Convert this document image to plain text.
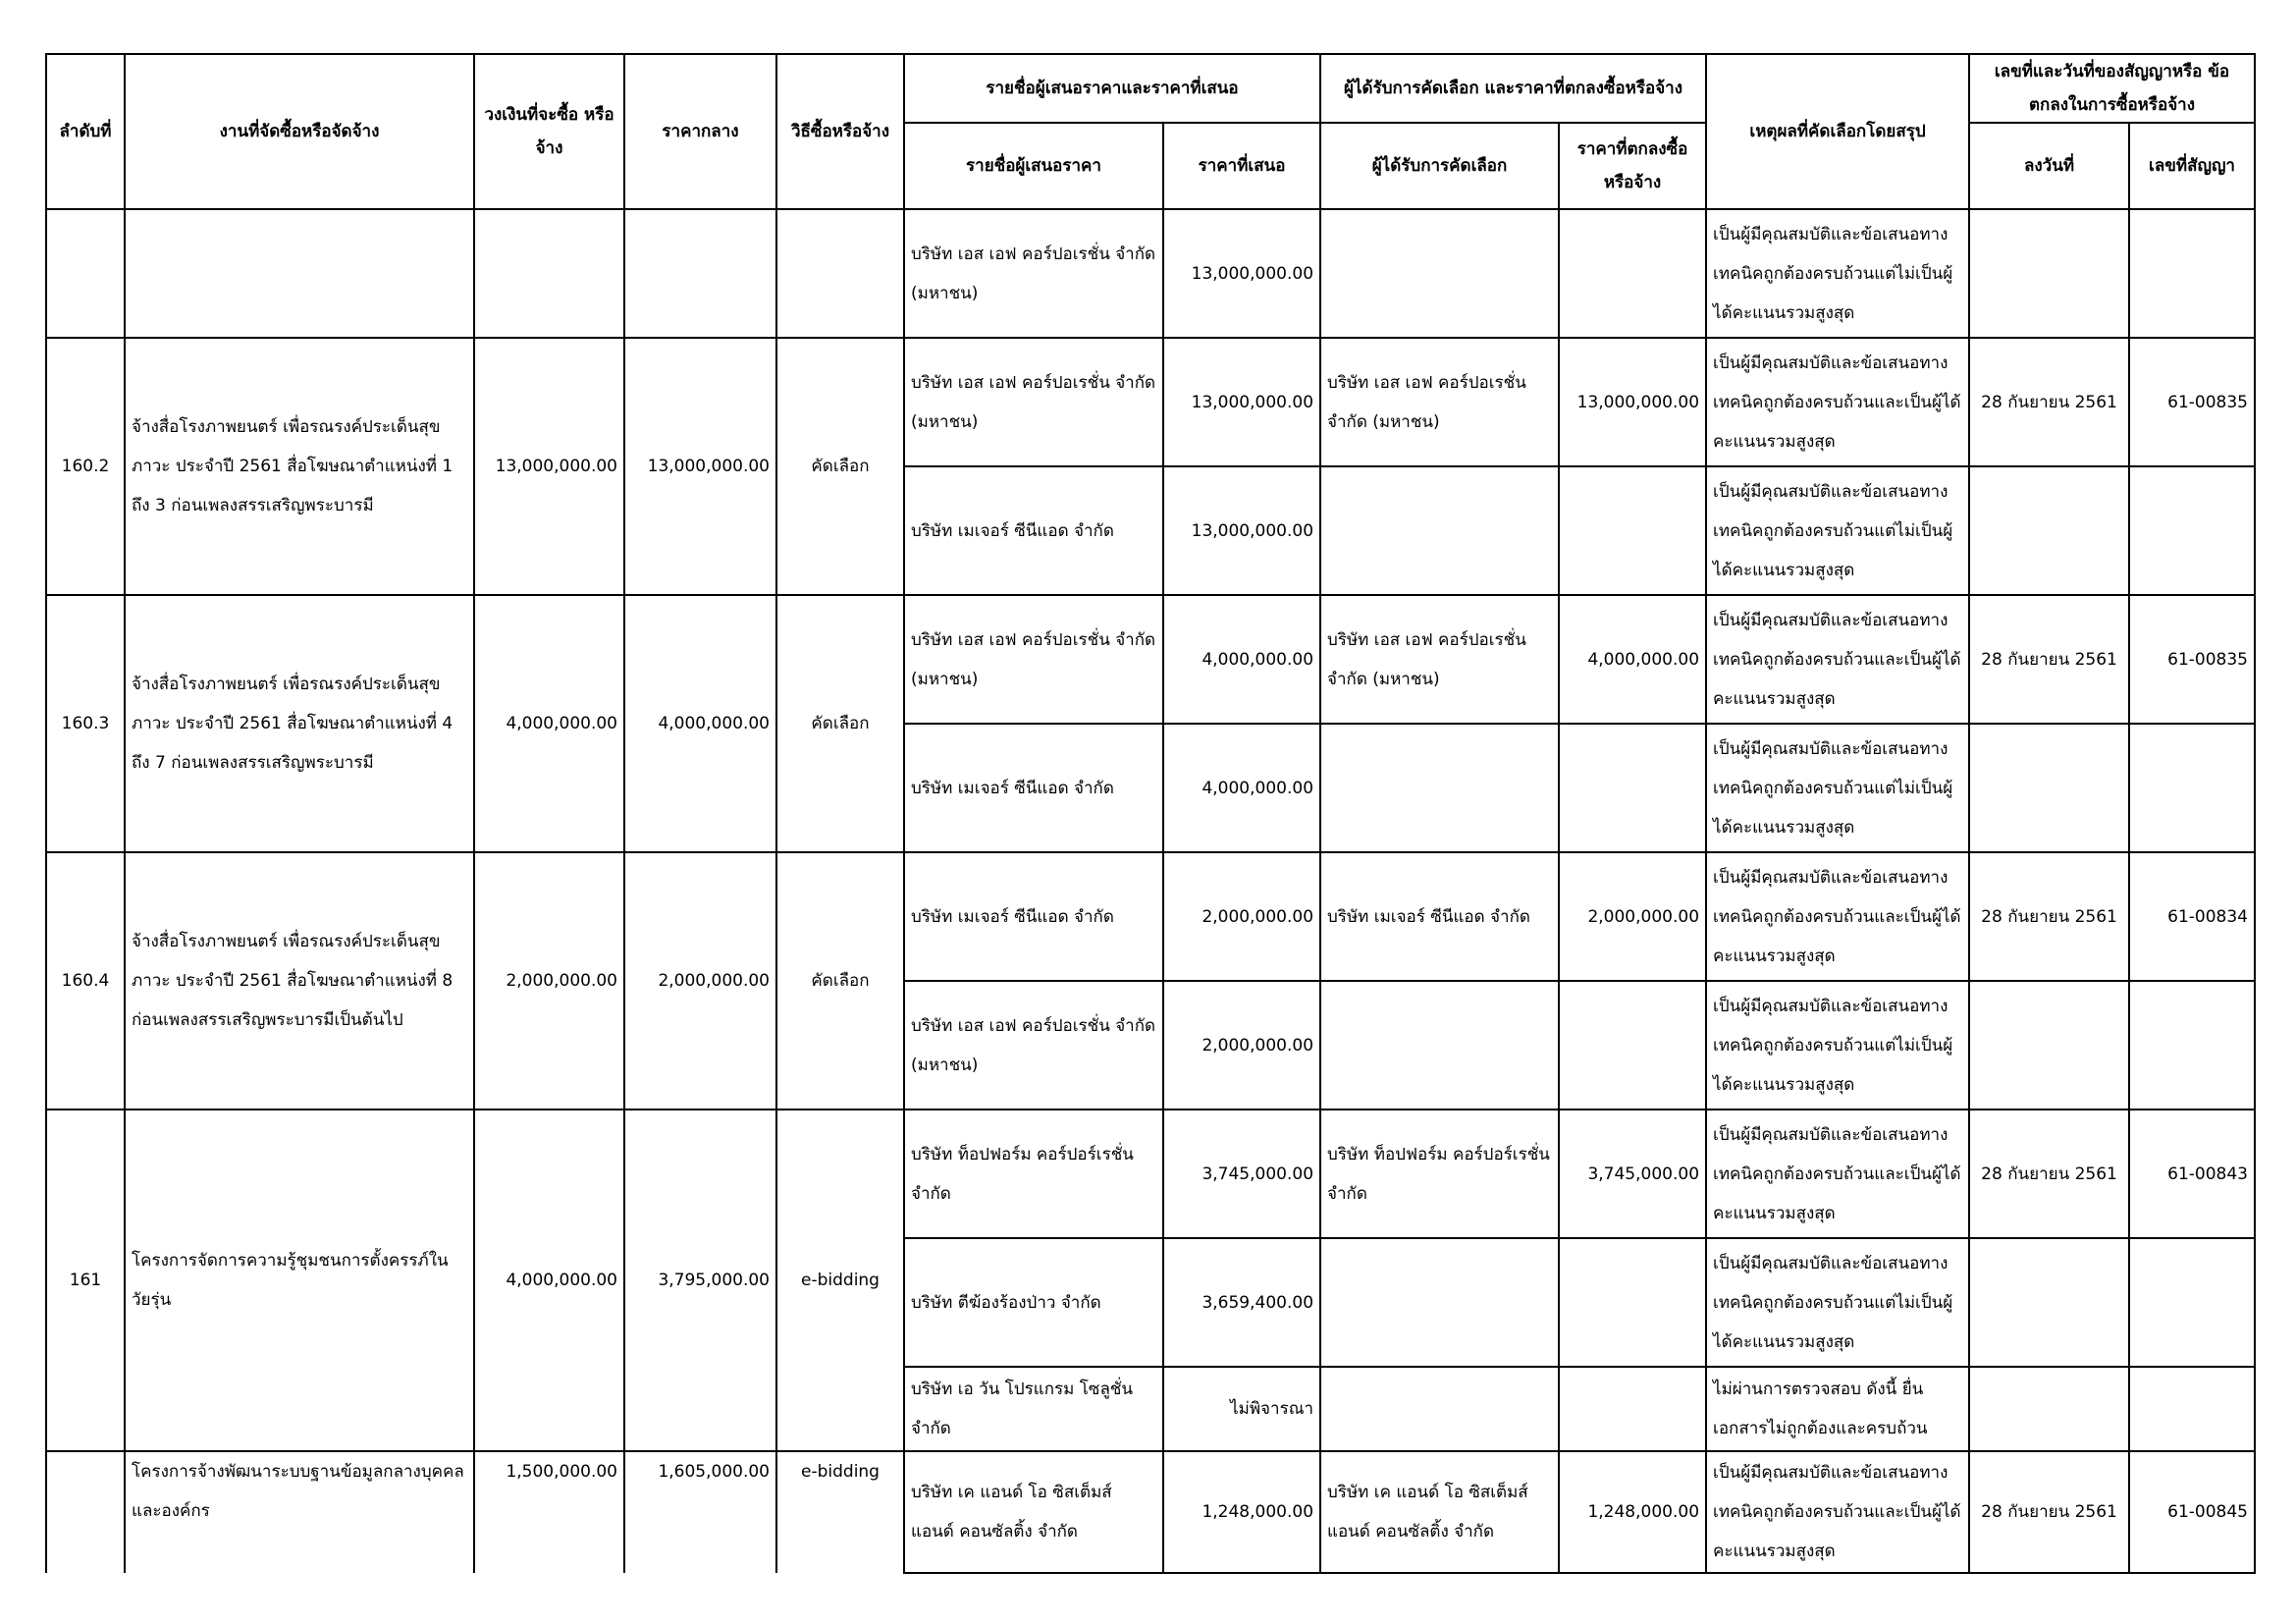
ลำดับที่	งานที่จัดซื้อหรือจัดจ้าง	วงเงินที่จะซื้อ หรือจ้าง	ราคากลาง	วิธีซื้อหรือจ้าง	รายชื่อผู้เสนอราคาและราคาที่เสนอ		ผู้ได้รับการคัดเลือก และราคาที่ตกลงซื้อหรือจ้าง		เหตุผลที่คัดเลือกโดยสรุป	เลขที่และวันที่ของสัญญาหรือ ข้อตกลงในการซื้อหรือจ้าง	
					รายชื่อผู้เสนอราคา	ราคาที่เสนอ	ผู้ได้รับการคัดเลือก	ราคาที่ตกลงซื้อ หรือจ้าง		ลงวันที่	เลขที่สัญญา
					บริษัท เอส เอฟ คอร์ปอเรชั่น จำกัด (มหาชน)	13,000,000.00			เป็นผู้มีคุณสมบัติและข้อเสนอทางเทคนิคถูกต้องครบถ้วนแต่ไม่เป็นผู้ได้คะแนนรวมสูงสุด		
160.2	จ้างสื่อโรงภาพยนตร์ เพื่อรณรงค์ประเด็นสุขภาวะ ประจำปี 2561 สื่อโฆษณาตำแหน่งที่ 1 ถึง 3 ก่อนเพลงสรรเสริญพระบารมี	13,000,000.00	13,000,000.00	คัดเลือก	บริษัท เอส เอฟ คอร์ปอเรชั่น จำกัด (มหาชน)	13,000,000.00	บริษัท เอส เอฟ คอร์ปอเรชั่น จำกัด (มหาชน)	13,000,000.00	เป็นผู้มีคุณสมบัติและข้อเสนอทางเทคนิคถูกต้องครบถ้วนและเป็นผู้ได้คะแนนรวมสูงสุด	28 กันยายน 2561	61-00835
					บริษัท เมเจอร์ ซีนีแอด จำกัด	13,000,000.00			เป็นผู้มีคุณสมบัติและข้อเสนอทางเทคนิคถูกต้องครบถ้วนแต่ไม่เป็นผู้ได้คะแนนรวมสูงสุด		
160.3	จ้างสื่อโรงภาพยนตร์ เพื่อรณรงค์ประเด็นสุขภาวะ ประจำปี 2561 สื่อโฆษณาตำแหน่งที่ 4 ถึง 7 ก่อนเพลงสรรเสริญพระบารมี	4,000,000.00	4,000,000.00	คัดเลือก	บริษัท เอส เอฟ คอร์ปอเรชั่น จำกัด (มหาชน)	4,000,000.00	บริษัท เอส เอฟ คอร์ปอเรชั่น จำกัด (มหาชน)	4,000,000.00	เป็นผู้มีคุณสมบัติและข้อเสนอทางเทคนิคถูกต้องครบถ้วนและเป็นผู้ได้คะแนนรวมสูงสุด	28 กันยายน 2561	61-00835
					บริษัท เมเจอร์ ซีนีแอด จำกัด	4,000,000.00			เป็นผู้มีคุณสมบัติและข้อเสนอทางเทคนิคถูกต้องครบถ้วนแต่ไม่เป็นผู้ได้คะแนนรวมสูงสุด		
160.4	จ้างสื่อโรงภาพยนตร์ เพื่อรณรงค์ประเด็นสุขภาวะ ประจำปี 2561 สื่อโฆษณาตำแหน่งที่ 8 ก่อนเพลงสรรเสริญพระบารมีเป็นต้นไป	2,000,000.00	2,000,000.00	คัดเลือก	บริษัท เมเจอร์ ซีนีแอด จำกัด	2,000,000.00	บริษัท เมเจอร์ ซีนีแอด จำกัด	2,000,000.00	เป็นผู้มีคุณสมบัติและข้อเสนอทางเทคนิคถูกต้องครบถ้วนและเป็นผู้ได้คะแนนรวมสูงสุด	28 กันยายน 2561	61-00834
					บริษัท เอส เอฟ คอร์ปอเรชั่น จำกัด (มหาชน)	2,000,000.00			เป็นผู้มีคุณสมบัติและข้อเสนอทางเทคนิคถูกต้องครบถ้วนแต่ไม่เป็นผู้ได้คะแนนรวมสูงสุด		
161	โครงการจัดการความรู้ชุมชนการตั้งครรภ์ในวัยรุ่น	4,000,000.00	3,795,000.00	e-bidding	บริษัท ท็อปฟอร์ม คอร์ปอร์เรชั่น จำกัด	3,745,000.00	บริษัท ท็อปฟอร์ม คอร์ปอร์เรชั่น จำกัด	3,745,000.00	เป็นผู้มีคุณสมบัติและข้อเสนอทางเทคนิคถูกต้องครบถ้วนและเป็นผู้ได้คะแนนรวมสูงสุด	28 กันยายน 2561	61-00843
					บริษัท ตีฆ้องร้องป่าว จำกัด	3,659,400.00			เป็นผู้มีคุณสมบัติและข้อเสนอทางเทคนิคถูกต้องครบถ้วนแต่ไม่เป็นผู้ได้คะแนนรวมสูงสุด		
					บริษัท เอ วัน โปรแกรม โซลูชั่น จำกัด	ไม่พิจารณา			ไม่ผ่านการตรวจสอบ ดังนี้ ยื่นเอกสารไม่ถูกต้องและครบถ้วน		
	โครงการจ้างพัฒนาระบบฐานข้อมูลกลางบุคคล และองค์กร	1,500,000.00	1,605,000.00	e-bidding	บริษัท เค แอนด์ โอ ซิสเต็มส์ แอนด์ คอนซัลติ้ง จำกัด	1,248,000.00	บริษัท เค แอนด์ โอ ซิสเต็มส์ แอนด์ คอนซัลติ้ง จำกัด	1,248,000.00	เป็นผู้มีคุณสมบัติและข้อเสนอทางเทคนิคถูกต้องครบถ้วนและเป็นผู้ได้คะแนนรวมสูงสุด	28 กันยายน 2561	61-00845
